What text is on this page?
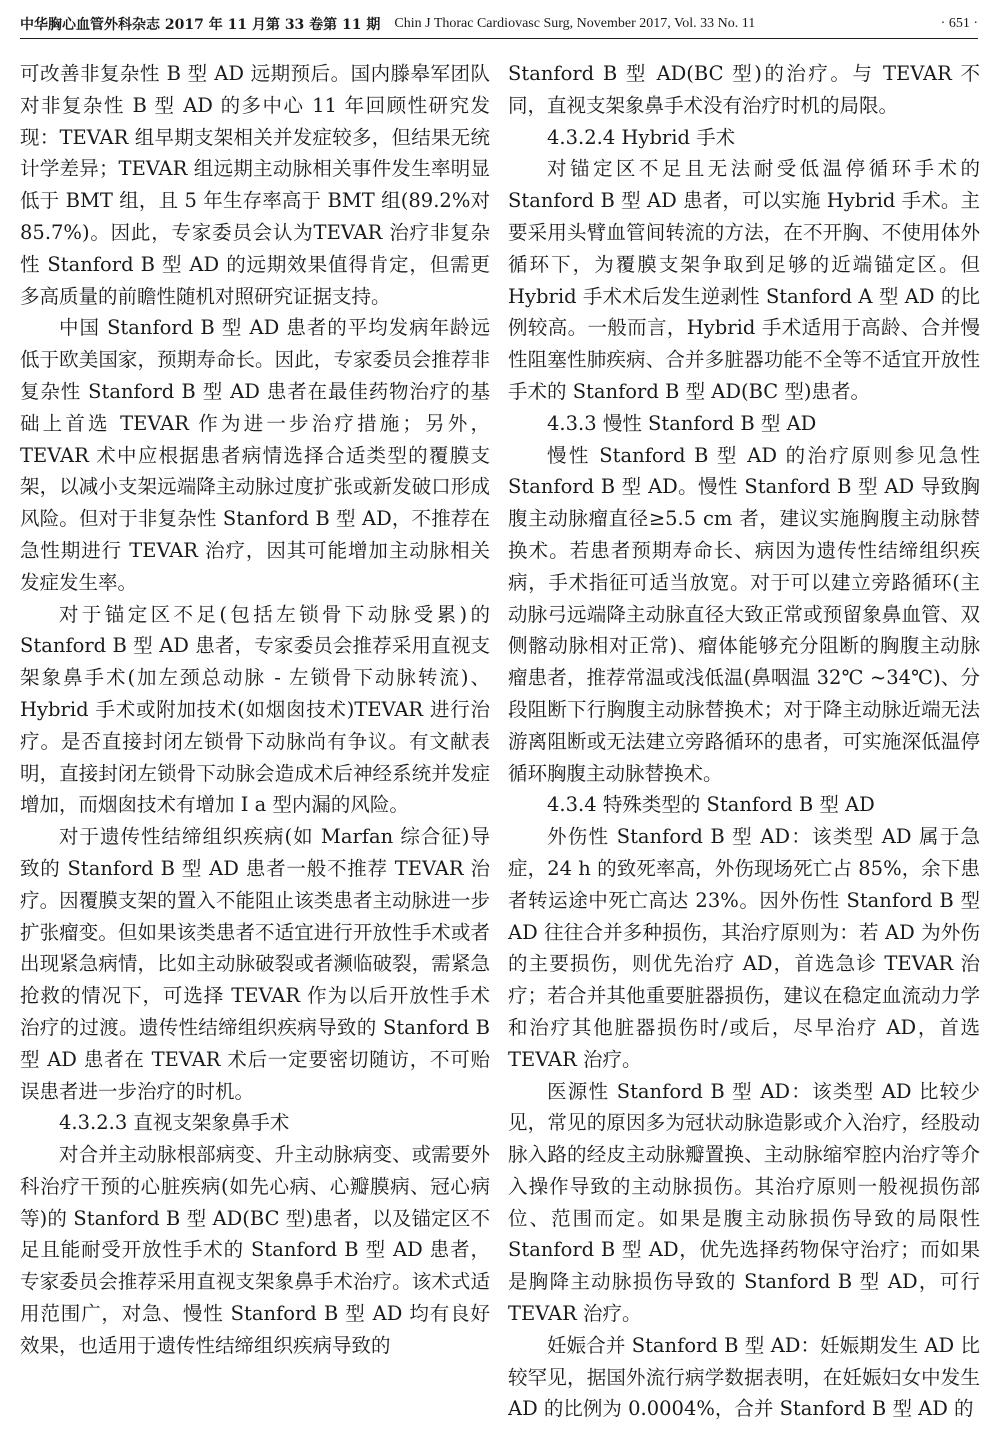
中华胸心血管外科杂志 2017 年 11 月第 33 卷第 11 期 Chin J Thorac Cardiovasc Surg, November 2017, Vol. 33 No. 11	· 651 ·

可改善非复杂性 B 型 AD 远期预后。国内滕皋军团队对非复杂性 B 型 AD 的多中心 11 年回顾性研究发现：TEVAR 组早期支架相关并发症较多，但结果无统计学差异；TEVAR 组远期主动脉相关事件发生率明显低于 BMT 组，且 5 年生存率高于 BMT 组(89.2%对 85.7%)。因此，专家委员会认为TEVAR 治疗非复杂性 Stanford B 型 AD 的远期效果值得肯定，但需更多高质量的前瞻性随机对照研究证据支持。

中国 Stanford B 型 AD 患者的平均发病年龄远低于欧美国家，预期寿命长。因此，专家委员会推荐非复杂性 Stanford B 型 AD 患者在最佳药物治疗的基础上首选 TEVAR 作为进一步治疗措施；另外，TEVAR 术中应根据患者病情选择合适类型的覆膜支架，以减小支架远端降主动脉过度扩张或新发破口形成风险。但对于非复杂性 Stanford B 型 AD，不推荐在急性期进行 TEVAR 治疗，因其可能增加主动脉相关发症发生率。

对于锚定区不足(包括左锁骨下动脉受累)的 Stanford B 型 AD 患者，专家委员会推荐采用直视支架象鼻手术(加左颈总动脉 - 左锁骨下动脉转流)、Hybrid 手术或附加技术(如烟囱技术)TEVAR 进行治疗。是否直接封闭左锁骨下动脉尚有争议。有文献表明，直接封闭左锁骨下动脉会造成术后神经系统并发症增加，而烟囱技术有增加 Ⅰ a 型内漏的风险。

对于遗传性结缔组织疾病(如 Marfan 综合征)导致的 Stanford B 型 AD 患者一般不推荐 TEVAR 治疗。因覆膜支架的置入不能阻止该类患者主动脉进一步扩张瘤变。但如果该类患者不适宜进行开放性手术或者出现紧急病情，比如主动脉破裂或者濒临破裂，需紧急抢救的情况下，可选择 TEVAR 作为以后开放性手术治疗的过渡。遗传性结缔组织疾病导致的 Stanford B 型 AD 患者在 TEVAR 术后一定要密切随访，不可贻误患者进一步治疗的时机。

4.3.2.3 直视支架象鼻手术

对合并主动脉根部病变、升主动脉病变、或需要外科治疗干预的心脏疾病(如先心病、心瓣膜病、冠心病等)的 Stanford B 型 AD(BC 型)患者，以及锚定区不足且能耐受开放性手术的 Stanford B 型 AD 患者，专家委员会推荐采用直视支架象鼻手术治疗。该术式适用范围广，对急、慢性 Stanford B 型 AD 均有良好效果，也适用于遗传性结缔组织疾病导致的

Stanford B 型 AD(BC 型)的治疗。与 TEVAR 不同，直视支架象鼻手术没有治疗时机的局限。

4.3.2.4 Hybrid 手术

对锚定区不足且无法耐受低温停循环手术的 Stanford B 型 AD 患者，可以实施 Hybrid 手术。主要采用头臂血管间转流的方法，在不开胸、不使用体外循环下，为覆膜支架争取到足够的近端锚定区。但 Hybrid 手术术后发生逆剥性 Stanford A 型 AD 的比例较高。一般而言，Hybrid 手术适用于高龄、合并慢性阻塞性肺疾病、合并多脏器功能不全等不适宜开放性手术的 Stanford B 型 AD(BC 型)患者。

4.3.3 慢性 Stanford B 型 AD

慢性 Stanford B 型 AD 的治疗原则参见急性 Stanford B 型 AD。慢性 Stanford B 型 AD 导致胸腹主动脉瘤直径≥5.5 cm 者，建议实施胸腹主动脉替换术。若患者预期寿命长、病因为遗传性结缔组织疾病，手术指征可适当放宽。对于可以建立旁路循环(主动脉弓远端降主动脉直径大致正常或预留象鼻血管、双侧髂动脉相对正常)、瘤体能够充分阻断的胸腹主动脉瘤患者，推荐常温或浅低温(鼻咽温 32℃ ~34℃)、分段阻断下行胸腹主动脉替换术；对于降主动脉近端无法游离阻断或无法建立旁路循环的患者，可实施深低温停循环胸腹主动脉替换术。

4.3.4 特殊类型的 Stanford B 型 AD

外伤性 Stanford B 型 AD：该类型 AD 属于急症，24 h 的致死率高，外伤现场死亡占 85%，余下患者转运途中死亡高达 23%。因外伤性 Stanford B 型 AD 往往合并多种损伤，其治疗原则为：若 AD 为外伤的主要损伤，则优先治疗 AD，首选急诊 TEVAR 治疗；若合并其他重要脏器损伤，建议在稳定血流动力学和治疗其他脏器损伤时/或后，尽早治疗 AD，首选 TEVAR 治疗。

医源性 Stanford B 型 AD：该类型 AD 比较少见，常见的原因多为冠状动脉造影或介入治疗，经股动脉入路的经皮主动脉瓣置换、主动脉缩窄腔内治疗等介入操作导致的主动脉损伤。其治疗原则一般视损伤部位、范围而定。如果是腹主动脉损伤导致的局限性 Stanford B 型 AD，优先选择药物保守治疗；而如果是胸降主动脉损伤导致的 Stanford B 型 AD，可行 TEVAR 治疗。

妊娠合并 Stanford B 型 AD：妊娠期发生 AD 比较罕见，据国外流行病学数据表明，在妊娠妇女中发生 AD 的比例为 0.0004%，合并 Stanford B 型 AD 的
